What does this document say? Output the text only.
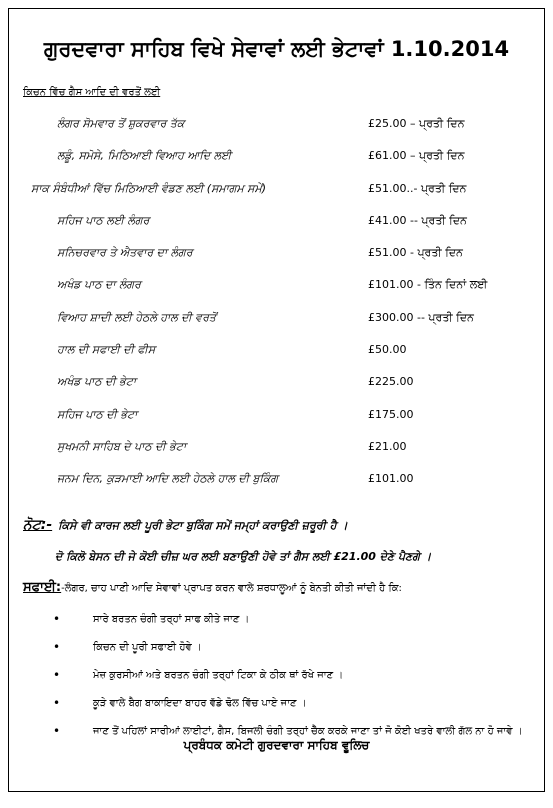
ਗੁਰਦਵਾਰਾ ਸਾਹਿਬ ਵਿਖੇ ਸੇਵਾਵਾਂ ਲਈ ਭੇਟਾਵਾਂ 1.10.2014
ਕਿਚਨ ਵਿੱਚ ਗੈਸ ਆਦਿ ਦੀ ਵਰਤੋਂ ਲਈ
ਲੰਗਰ ਸੋਮਵਾਰ ਤੋਂ ਸ਼ੁਕਰਵਾਰ ਤੱਕ	£25.00 – ਪ੍ਰਤੀ ਦਿਨ
ਲਡੂੰ, ਸਮੋਸੇ, ਮਿਠਿਆਈ ਵਿਆਹ ਆਦਿ ਲਈ	£61.00 – ਪ੍ਰਤੀ ਦਿਨ
ਸਾਕ ਸੰਬੰਧੀਆਂ ਵਿੱਚ ਮਿਠਿਆਈ ਵੰਡਣ ਲਈ (ਸਮਾਗਮ ਸਮੇਂ)	£51.00..- ਪ੍ਰਤੀ ਦਿਨ
ਸਹਿਜ ਪਾਠ ਲਈ ਲੰਗਰ	£41.00 -- ਪ੍ਰਤੀ ਦਿਨ
ਸਨਿਚਰਵਾਰ ਤੇ ਐਤਵਾਰ ਦਾ ਲੰਗਰ	£51.00 - ਪ੍ਰਤੀ ਦਿਨ
ਅਖੰਡ ਪਾਠ ਦਾ ਲੰਗਰ	£101.00 - ਤਿੰਨ ਦਿਨਾਂ ਲਈ
ਵਿਆਹ ਸ਼ਾਦੀ ਲਈ ਹੇਠਲੇ ਹਾਲ ਦੀ ਵਰਤੋਂ	£300.00 -- ਪ੍ਰਤੀ ਦਿਨ
ਹਾਲ ਦੀ ਸਫਾਈ ਦੀ ਫੀਸ	£50.00
ਅਖੰਡ ਪਾਠ ਦੀ ਭੇਟਾ	£225.00
ਸਹਿਜ ਪਾਠ ਦੀ ਭੇਟਾ	£175.00
ਸੁਖਮਨੀ ਸਾਹਿਬ ਦੇ ਪਾਠ ਦੀ ਭੇਟਾ	£21.00
ਜਨਮ ਦਿਨ, ਕੁੜਮਾਈ ਆਦਿ ਲਈ ਹੇਠਲੇ ਹਾਲ ਦੀ ਬੁਕਿੰਗ	£101.00
ਨੋਟ:- ਕਿਸੇ ਵੀ ਕਾਰਜ ਲਈ ਪੂਰੀ ਭੇਟਾ ਬੁਕਿੰਗ ਸਮੇਂ ਜਮ੍ਹਾਂ ਕਰਾਉਣੀ ਜ਼ਰੂਰੀ ਹੈ ।
ਦੋ ਕਿਲੋ ਬੇਸਨ ਦੀ ਜੇ ਕੋਈ ਚੀਜ਼ ਘਰ ਲਈ ਬਣਾਉਣੀ ਹੋਵੇ ਤਾਂ ਗੈਸ ਲਈ £21.00 ਦੇਣੇ ਪੈਣਗੇ ।
ਸਫਾਈ:-ਲੰਗਰ, ਚਾਹ ਪਾਣੀ ਆਦਿ ਸੇਵਾਵਾਂ ਪ੍ਰਾਪਤ ਕਰਨ ਵਾਲੇ ਸ਼ਰਧਾਲੂਆਂ ਨੂੰ ਬੇਨਤੀ ਕੀਤੀ ਜਾਂਦੀ ਹੈ ਕਿ:
•	ਸਾਰੇ ਬਰਤਨ ਚੰਗੀ ਤਰ੍ਹਾਂ ਸਾਫ ਕੀਤੇ ਜਾਣ ।
•	ਕਿਚਨ ਦੀ ਪੂਰੀ ਸਫਾਈ ਹੋਵੇ ।
•	ਮੇਜ਼ ਕੁਰਸੀਆਂ ਅਤੇ ਬਰਤਨ ਚੰਗੀ ਤਰ੍ਹਾਂ ਟਿਕਾ ਕੇ ਠੀਕ ਥਾਂ ਰੱਖੇ ਜਾਣ ।
•	ਕੂੜੇ ਵਾਲੇ ਬੈਗ ਬਾਕਾਇਦਾ ਬਾਹਰ ਵੱਡੇ ਢੋਲ ਵਿੱਚ ਪਾਏ ਜਾਣ ।
•	ਜਾਣ ਤੋਂ ਪਹਿਲਾਂ ਸਾਰੀਆਂ ਲਾਈਟਾਂ, ਗੈਸ, ਬਿਜਲੀ ਚੰਗੀ ਤਰ੍ਹਾਂ ਚੈੱਕ ਕਰਕੇ ਜਾਣਾ ਤਾਂ ਜੋ ਕੋਈ ਖਤਰੇ ਵਾਲੀ ਗੱਲ ਨਾ ਹੋ ਜਾਵੇ ।
ਪ੍ਰਬੰਧਕ ਕਮੇਟੀ ਗੁਰਦਵਾਰਾ ਸਾਹਿਬ ਵੂਲਿਚ
